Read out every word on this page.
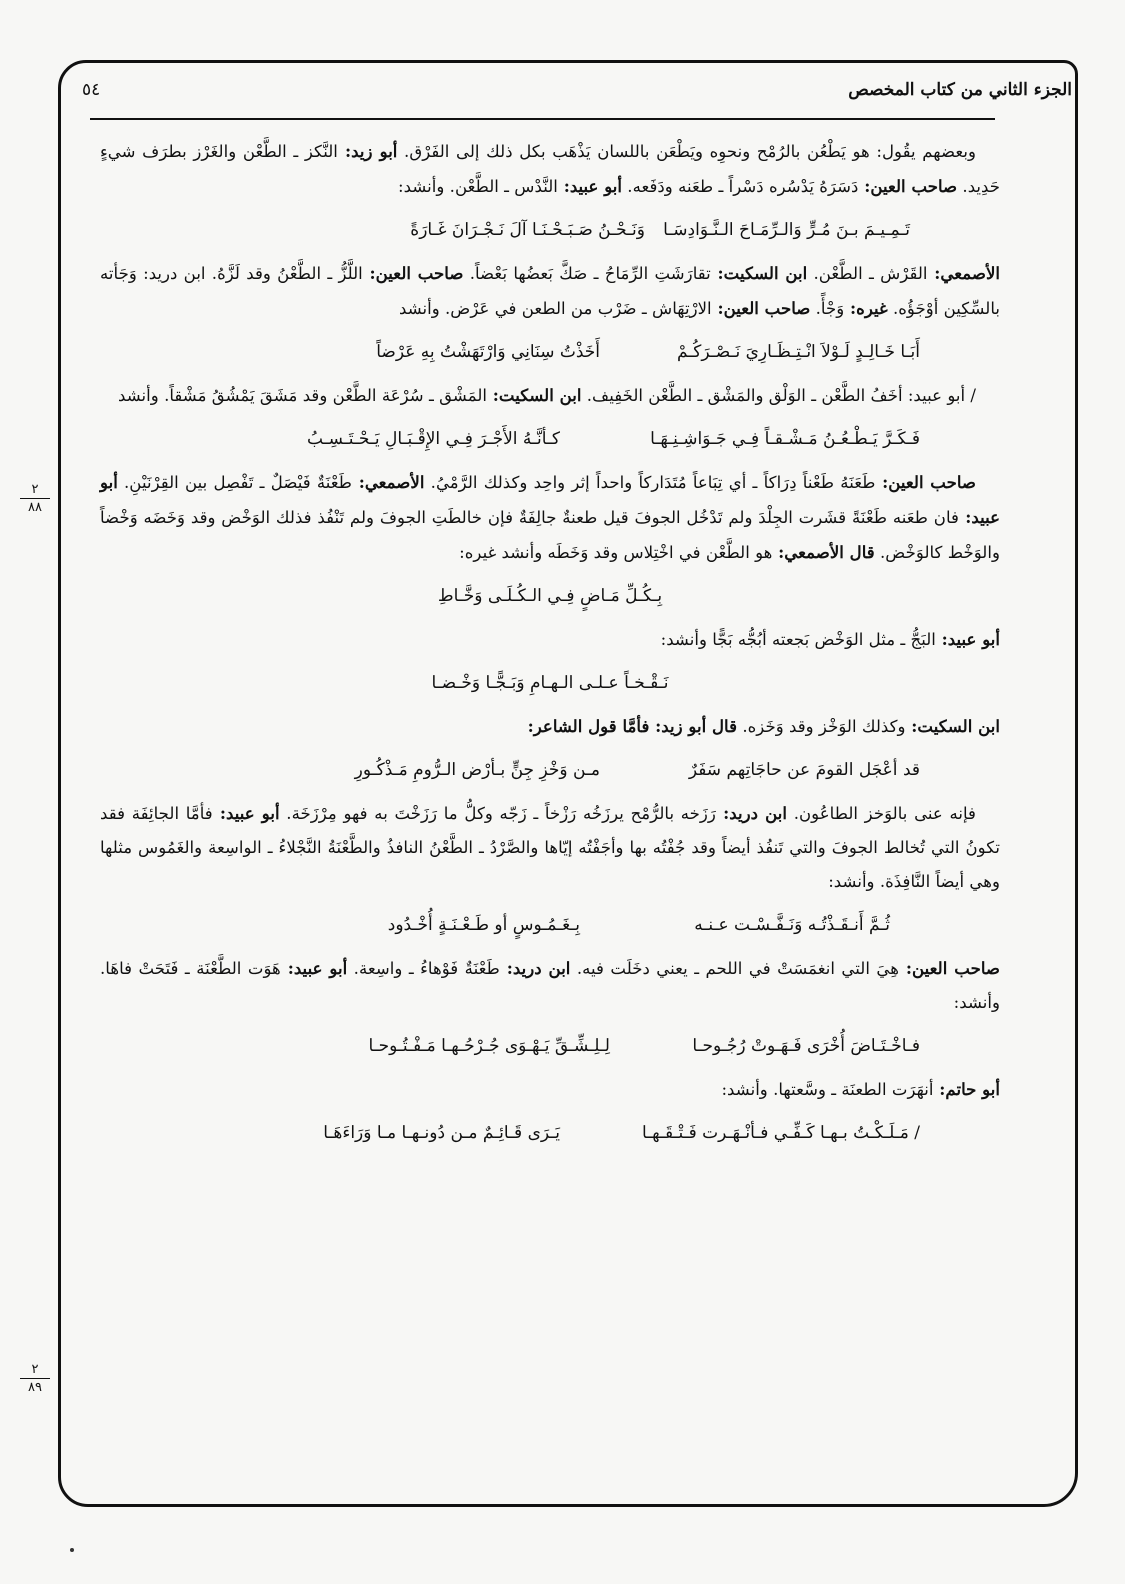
الجزء الثاني من كتاب المخصص
٥٤
٢
٨٨
٢
٨٩

وبعضهم يقُول: هو يَطْعُن بالرُمْح ونحوِه ويَطْعَن باللسان يَذْهَب بكل ذلك إلى الفَرْق. أبو زيد: النَّكز ـ الطَّعْن والغَرْز بطرَف شيءٍ حَدِيد. صاحب العين: دَسَرَهُ يَدْسُره دَسْراً ـ طعَنه ودَفَعه. أبو عبيد: النَّدْس ـ الطَّعْن. وأنشد:

وَنَـحْـنُ صَـبَـحْـنَـا آلَ نَـجْـرَانَ غَـارَةً تَـمِـيـمَ بـنَ مُـرٍّ وَالـرِّمَـاحَ الـنَّـوَادِسَـا

الأصمعي: القَرْش ـ الطَّعْن. ابن السكيت: تقارَشَتِ الرِّمَاحُ ـ صَكَّ بَعضُها بَعْضاً. صاحب العين: اللَّزُّ ـ الطَّعْنُ وقد لَزَّهُ. ابن دريد: وَجَأته بالسِّكِين أوْجَؤُه. غيره: وَجْأً. صاحب العين: الارْتِهَاش ـ ضَرْب من الطعن في عَرْض. وأنشد

أَبَـا خَـالِـدٍ لَـوْلاَ انْـتِـظَـارِيَ نَـصْـرَكُـمْ
أَخَذْتُ سِنَانِي وَارْتَهَشْتُ بِهِ عَرْضاً

/ أبو عبيد: أخَفُ الطَّعْن ـ الوَلْق والمَشْق ـ الطَّعْن الخَفِيف. ابن السكيت: المَشْق ـ سُرْعَة الطَّعْن وقد مَشَقَ يَمْشُقُ مَشْقاً. وأنشد

فَـكَـرَّ يَـطْـعُـنُ مَـشْـقـاً فِـي جَـوَاشِـنِـهَـا
كـأنَّـهُ الأَجْـرَ فِـي الإِقْـبَـالِ يَـحْـتَـسِـبُ

صاحب العين: طَعَنَهُ طَعْناً دِرَاكاً ـ أي تِبَاعاً مُتَدَاركاً واحداً إثر واحِد وكذلك الرَّمْيُ. الأصمعي: طَعْنَةٌ فَيْصَلٌ ـ تَفْصِل بين القِرْنَيْنِ. أبو عبيد: فان طعَنه طَعْنَةً قشَرت الجِلْدَ ولم تَدْخُل الجوفَ قيل طعنةٌ جالِفَةٌ فإن خالطَتِ الجوفَ ولم تَنْفُذ فذلك الوَخْض وقد وَخَضَه وَخْضاً والوَخْط كالوَخْض. قال الأصمعي: هو الطَّعْن في اخْتِلاس وقد وَخَطَه وأنشد غيره:

بِـكُـلِّ مَـاضٍ فِـي الـكُـلَـى وَخَّـاطِ

أبو عبيد: البَجُّ ـ مثل الوَخْض بَجعته أبُجُّه بَجًّا وأنشد:

نَـقْـخـاً عـلـى الـهـامِ وَبَـجًّـا وَخْـضـا

ابن السكيت: وكذلك الوَخْز وقد وَخَزه. قال أبو زيد: فأمَّا قول الشاعر:

قد أعْجَل القومَ عن حاجَاتِهم سَفَرٌ
مـن وَخْزِ جِنٍّ بـأرْض الـرُّومِ مَـذْكُـورِ

فإنه عنى بالوَخز الطاعُون. ابن دريد: رَزَخه بالرُّمْح يرزَخُه رَزْخاً ـ زَجّه وكلُّ ما رَزَخْتَ به فهو مِرْزَخَة. أبو عبيد: فأمَّا الجائِفَة فقد تكونُ التي تُخالط الجوفَ والتي تَنفُذ أيضاً وقد جُفْتُه بها وأجَفْتُه إيّاها والصَّرْدُ ـ الطَّعْنُ النافذُ والطَّعْنَةُ النَّجْلاءُ ـ الواسِعة والغَمُوس مثلها وهي أيضاً النَّافِذَة. وأنشد:

ثُـمَّ أَنـقَـذْتُـه وَنَـفَّـسْـت عـنـه
بِـغَـمُـوسٍ أو طَـعْـنَـةٍ أُخْـدُود

صاحب العين: هِيَ التي انغمَسَتْ في اللحم ـ يعني دخَلَت فيه. ابن دريد: طَعْنَةٌ فَوْهاءُ ـ واسِعة. أبو عبيد: هَوَت الطَّعْنَة ـ فَتَحَتْ فاهَا. وأنشد:

فـاخْـتَـاضَ أُخْرَى فَـهَـوتْ رُجُـوحـا
لِـلِـشِّـقِّ يَـهْـوَى جُـرْحُـهـا مَـفْـتُـوحـا

أبو حاتم: أنهَرَت الطعنَة ـ وسَّعتها. وأنشد:

/ مَـلَـكْـتُ بـهـا كَـفِّـي فـأنْـهَـرت فَـتْـقَـهـا
يَـرَى قَـائِـمٌ مـن دُونـهـا مـا وَرَاءَهَـا
